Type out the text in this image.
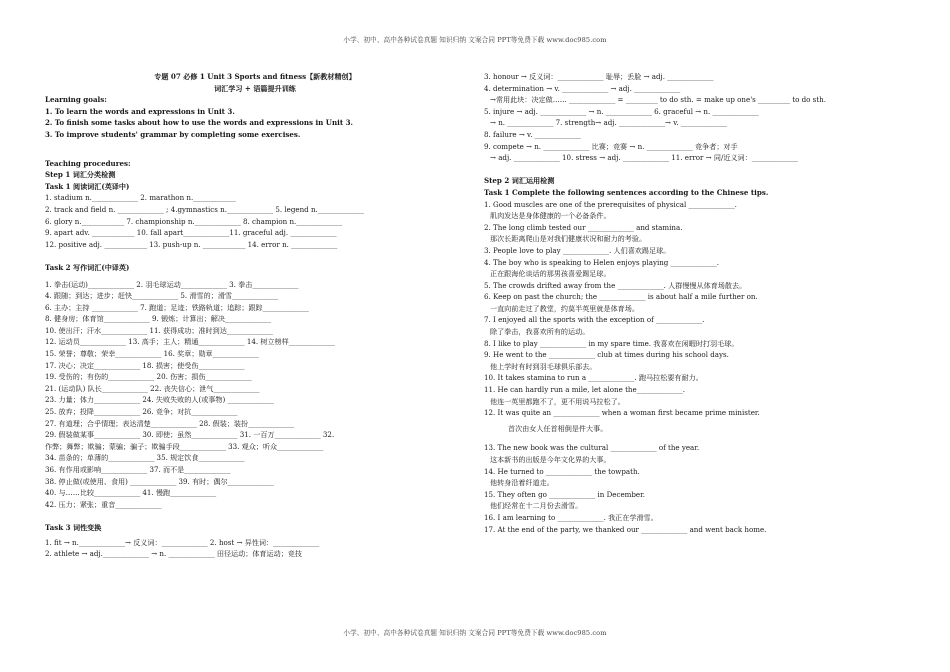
小学、初中、高中各种试卷真题 知识归纳 文案合同 PPT等免费下载 www.doc985.com
专题 07 必修 1 Unit 3 Sports and fitness【新教材精创】
词汇学习 + 语篇提升训练
Learning goals:
1. To learn the words and expressions in Unit 3.
2. To finish some tasks about how to use the words and expressions in Unit 3.
3. To improve students' grammar by completing some exercises.
Teaching procedures:
Step 1 词汇分类检测
Task 1 阅读词汇(英译中)
1. stadium n._____________ 2. marathon n.____________
2. track and field n. _____________ ; 4.gymnastics n._____________ 5. legend n._____________
6. glory n.____________ 7. championship n._____________ 8. champion n._____________
9. apart adv. ____________ 10. fall apart_____________11. graceful adj. _____________
12. positive adj. ____________ 13. push-up n. ____________ 14. error n. _____________
Task 2 写作词汇(中译英)
1. 拳击(运动)_____________ 2. 羽毛球运动_____________ 3. 拳击_____________
4. 跟随；到达；进步；赶快_____________ 5. 滑雪的；滑雪_____________
6. 主办；主持 _____________ 7. 跑道；足迹；铁路轨道；追踪；跟踪_____________
8. 健身房；体育馆_____________ 9. 锻炼；计算出；解决_____________
10. 使出汗；汗水_____________ 11. 获得成功；准时到达_____________
12. 运动员_____________ 13. 高手；主人；精通_____________ 14. 树立榜样_____________
15. 荣誉；尊敬；荣幸_____________ 16. 奖章；勋章_____________
17. 决心；决定_____________ 18. 损害；使受伤_____________
19. 受伤的；有伤的_____________ 20. 伤害；损伤_____________
21. (运动队) 队长_____________ 22. 丧失信心；泄气_____________
23. 力量；体力_____________ 24. 失败失败的人(或事物) _____________
25. 放弃；投降_____________ 26. 竞争；对抗_____________
27. 有道理；合乎情理；表达清楚_____________ 28. 假装；装扮_____________
29. 假装做某事_____________ 30. 即使；虽然_____________ 31. 一百万_____________ 32.
作弊；舞弊；欺骗；蒙骗；骗子；欺骗手段_____________ 33. 观众；听众_____________
34. 苗条的；单薄的_____________ 35. 规定饮食_____________
36. 有作用或影响_____________ 37. 而不是_____________
38. 停止做(或使用、食用) _____________ 39. 有时；偶尔_____________
40. 与……比较_____________ 41. 慢跑_____________
42. 压力；紧张；重音_____________
Task 3 词性变换
1. fit → n._____________→ 反义词：_____________ 2. host → 异性词：_____________
2. athlete → adj._____________ → n. _____________ 田径运动；体育运动；竞技
3. honour → 反义词：_____________ 耻辱；丢脸 → adj. _____________
4. determination → v. _____________ → adj. _____________
→常用此块：决定做…… _____________ = _________ to do sth. = make up one's _________ to do sth.
5. injure → adj. _____________ → n. _____________ 6. graceful → n. _____________
→ n. _____________ 7. strength→ adj. _____________→ v. _____________
8. failure → v. _____________
9. compete → n. _____________ 比赛；竞赛 → n. _____________ 竞争者；对手
→ adj. _____________ 10. stress → adj. _____________ 11. error → 同/近义词：_____________
Step 2 词汇运用检测
Task 1 Complete the following sentences according to the Chinese tips.
1. Good muscles are one of the prerequisites of physical _____________.
肌肉发达是身体健康的一个必备条件。
2. The long climb tested our _____________ and stamina.
那次长距离爬山是对我们健康状况和耐力的考验。
3. People love to play _____________. 人们喜欢踢足球。
4. The boy who is speaking to Helen enjoys playing _____________.
正在跟海伦谈话的那男孩喜爱踢足球。
5. The crowds drifted away from the _____________. 人群慢慢从体育场散去。
6. Keep on past the church; the _____________ is about half a mile further on.
一直向前走过了教堂，约莫半英里就是体育场。
7. I enjoyed all the sports with the exception of _____________.
除了拳击，我喜欢所有的运动。
8. I like to play _____________ in my spare time. 我喜欢在闲暇时打羽毛球。
9. He went to the _____________ club at times during his school days.
他上学时有时到羽毛球俱乐部去。
10. It takes stamina to run a _____________. 跑马拉松要有耐力。
11. He can hardly run a mile, let alone the_____________.
他连一英里都跑不了，更不用说马拉松了。
12. It was quite an _____________ when a woman first became prime minister.
首次由女人任首相倒是件大事。
13. The new book was the cultural _____________ of the year.
这本新书的出版是今年文化界的大事。
14. He turned to _____________ the towpath.
他转身沿着纤道走。
15. They often go _____________ in December.
他们经常在十二月份去滑雪。
16. I am learning to _____________. 我正在学滑雪。
17. At the end of the party, we thanked our _____________ and went back home.
小学、初中、高中各种试卷真题 知识归纳 文案合同 PPT等免费下载 www.doc985.com
